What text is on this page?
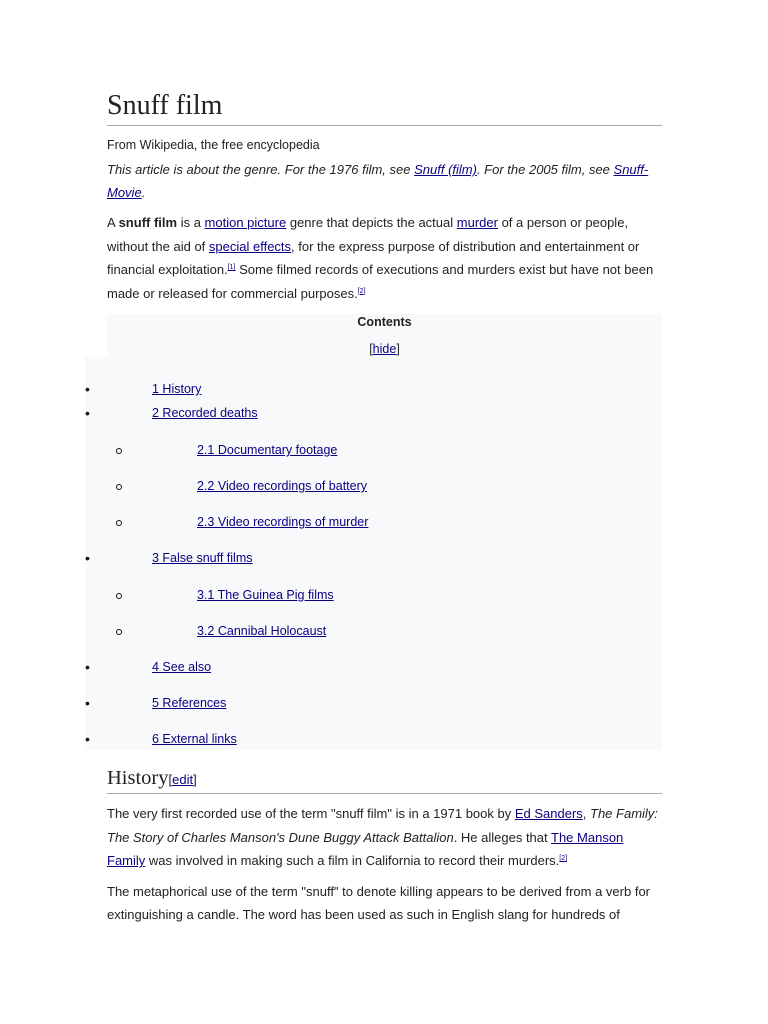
Snuff film
From Wikipedia, the free encyclopedia
This article is about the genre. For the 1976 film, see Snuff (film). For the 2005 film, see Snuff-Movie.

A snuff film is a motion picture genre that depicts the actual murder of a person or people, without the aid of special effects, for the express purpose of distribution and entertainment or financial exploitation.[1] Some filmed records of executions and murders exist but have not been made or released for commercial purposes.[2]

Contents
[hide]
•	1 History
•	2 Recorded deaths
2.1 Documentary footage
2.2 Video recordings of battery
2.3 Video recordings of murder
•	3 False snuff films
3.1 The Guinea Pig films
3.2 Cannibal Holocaust
•	4 See also
•	5 References
•	6 External links
History[edit]

The very first recorded use of the term "snuff film" is in a 1971 book by Ed Sanders, The Family: The Story of Charles Manson's Dune Buggy Attack Battalion. He alleges that The Manson Family was involved in making such a film in California to record their murders.[2]

The metaphorical use of the term "snuff" to denote killing appears to be derived from a verb for extinguishing a candle. The word has been used as such in English slang for hundreds of
